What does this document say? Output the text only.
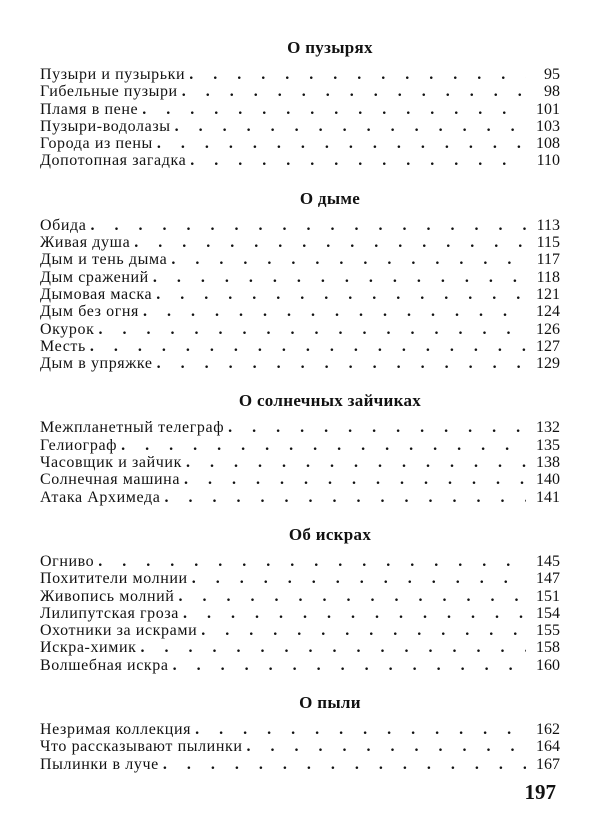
О пузырях
Пузыри и пузырьки . . .	95
Гибельные пузыри . . .	98
Пламя в пене . . .	101
Пузыри-водолазы . . .	103
Города из пены . . .	108
Допотопная загадка . . .	110
О дыме
Обида . . .	113
Живая душа . . .	115
Дым и тень дыма . . .	117
Дым сражений . . .	118
Дымовая маска . . .	121
Дым без огня . . .	124
Окурок . . .	126
Месть . . .	127
Дым в упряжке . . .	129
О солнечных зайчиках
Межпланетный телеграф . . .	132
Гелиограф . . .	135
Часовщик и зайчик . . .	138
Солнечная машина . . .	140
Атака Архимеда . . .	141
Об искрах
Огниво . . .	145
Похитители молнии . . .	147
Живопись молний . . .	151
Лилипутская гроза . . .	154
Охотники за искрами . . .	155
Искра-химик . . .	158
Волшебная искра . . .	160
О пыли
Незримая коллекция . . .	162
Что рассказывают пылинки . . .	164
Пылинки в луче . . .	167
197
